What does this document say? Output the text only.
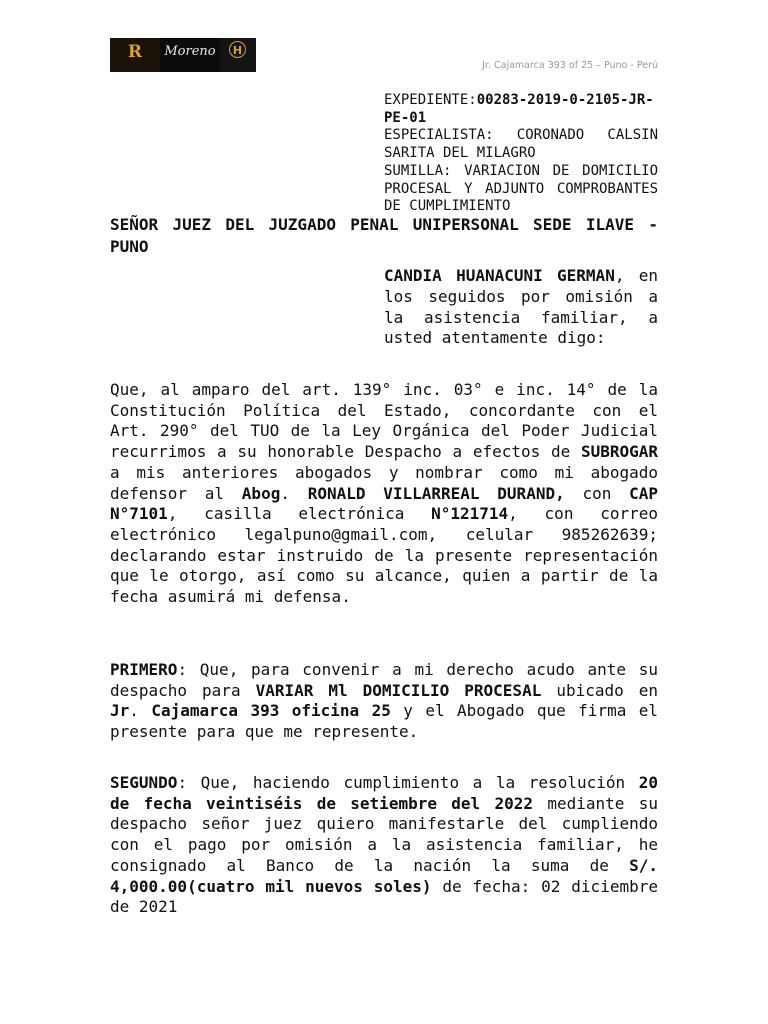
R
	Moreno	H
Jr. Cajamarca 393 of 25 – Puno - Perú

EXPEDIENTE:00283-2019-0-2105-JR-PE-01

ESPECIALISTA: CORONADO CALSIN SARITA DEL MILAGRO

SUMILLA: VARIACION DE DOMICILIO PROCESAL Y ADJUNTO COMPROBANTES DE CUMPLIMIENTO

SEÑOR JUEZ DEL JUZGADO PENAL UNIPERSONAL SEDE ILAVE - PUNO
CANDIA HUANACUNI GERMAN, en los seguidos por omisión a la asistencia familiar, a usted atentamente digo:

Que, al amparo del art. 139° inc. 03° e inc. 14° de la Constitución Política del Estado, concordante con el Art. 290° del TUO de la Ley Orgánica del Poder Judicial recurrimos a su honorable Despacho a efectos de SUBROGAR a mis anteriores abogados y nombrar como mi abogado defensor al Abog. RONALD VILLARREAL DURAND, con CAP N°7101, casilla electrónica N°121714, con correo electrónico legalpuno@gmail.com, celular 985262639; declarando estar instruido de la presente representación que le otorgo, así como su alcance, quien a partir de la fecha asumirá mi defensa.

PRIMERO: Que, para convenir a mi derecho acudo ante su despacho para VARIAR Ml DOMICILIO PROCESAL ubicado en Jr. Cajamarca 393 oficina 25 y el Abogado que firma el presente para que me represente.

SEGUNDO: Que, haciendo cumplimiento a la resolución 20 de fecha veintiséis de setiembre del 2022 mediante su despacho señor juez quiero manifestarle del cumpliendo con el pago por omisión a la asistencia familiar, he consignado al Banco de la nación la suma de S/. 4,000.00(cuatro mil nuevos soles) de fecha: 02 diciembre de 2021
